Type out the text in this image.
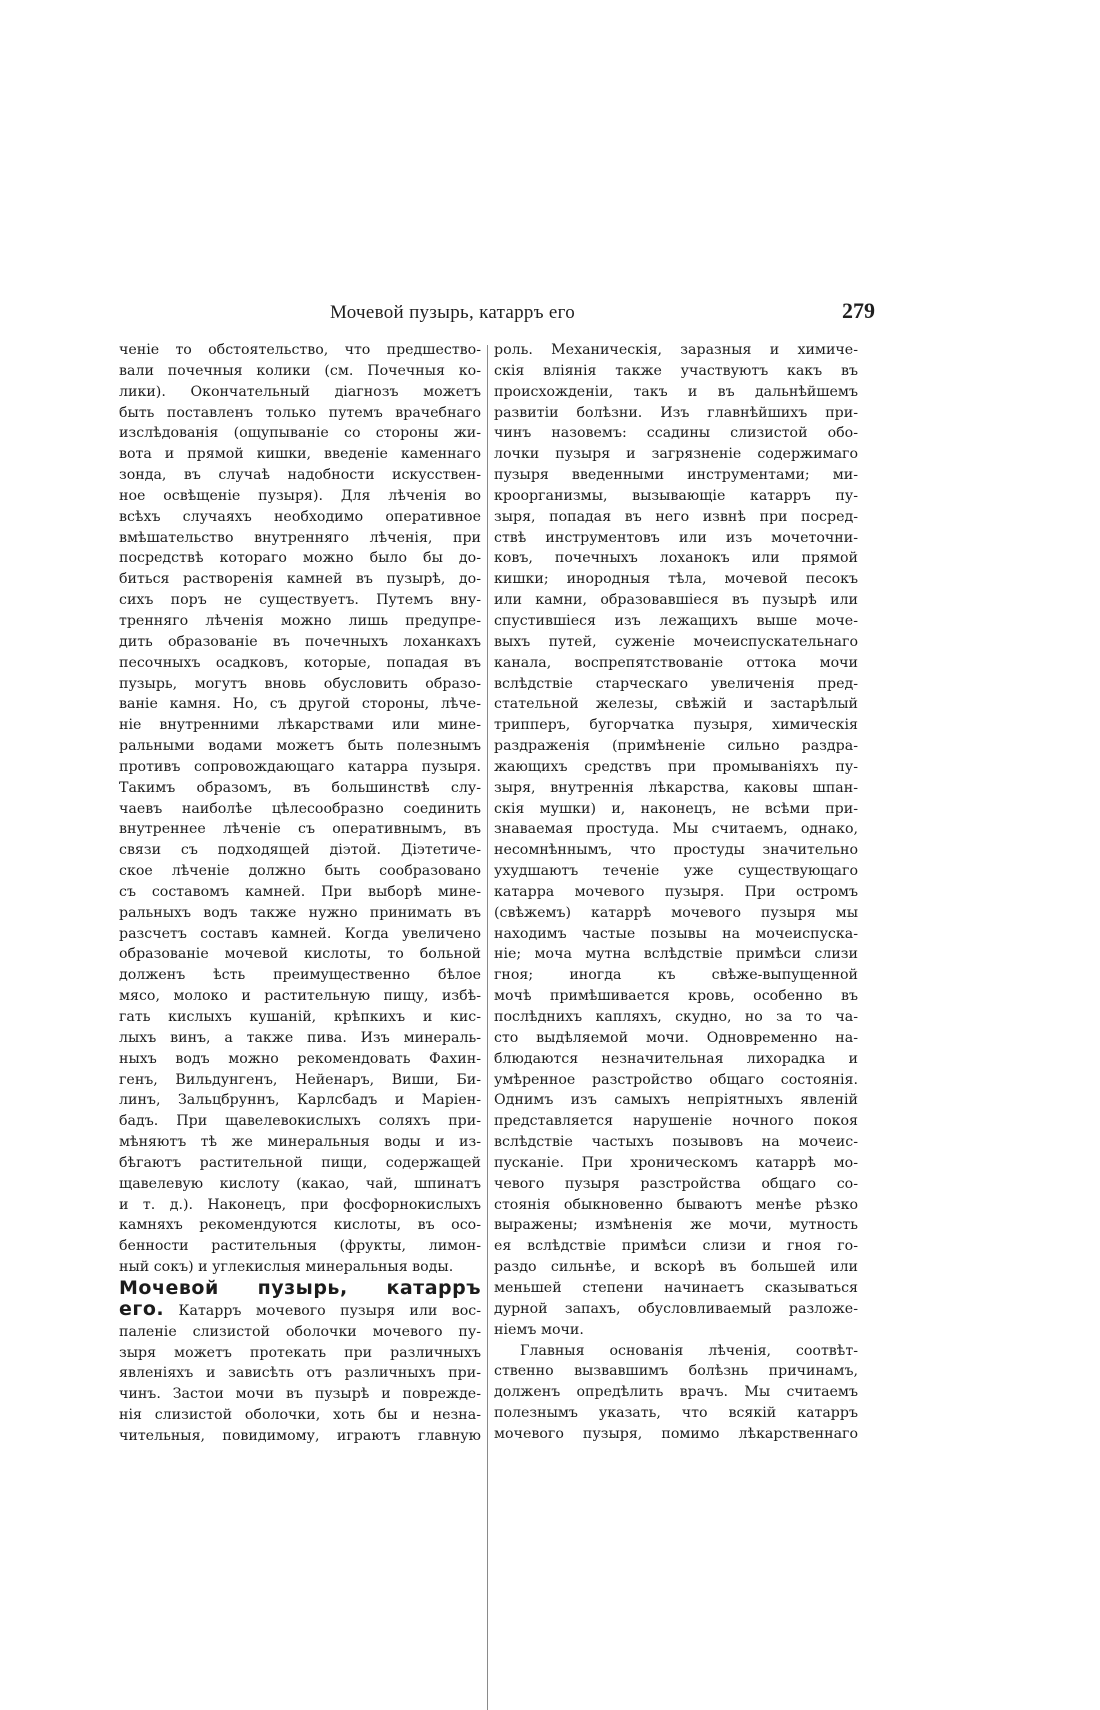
Мочевой пузырь, катарръ его	279
ченіе то обстоятельство, что предшество-
вали почечныя колики (см. Почечныя ко-
лики). Окончательный діагнозъ можетъ
быть поставленъ только путемъ врачебнаго
изслѣдованія (ощупываніе со стороны жи-
вота и прямой кишки, введеніе каменнаго
зонда, въ случаѣ надобности искусствен-
ное освѣщеніе пузыря). Для лѣченія во
всѣхъ случаяхъ необходимо оперативное
вмѣшательство внутренняго лѣченія, при
посредствѣ котораго можно было бы до-
биться растворенія камней въ пузырѣ, до-
сихъ поръ не существуетъ. Путемъ вну-
тренняго лѣченія можно лишь предупре-
дить образованіе въ почечныхъ лоханкахъ
песочныхъ осадковъ, которые, попадая въ
пузырь, могутъ вновь обусловить образо-
ваніе камня. Но, съ другой стороны, лѣче-
ніе внутренними лѣкарствами или мине-
ральными водами можетъ быть полезнымъ
противъ сопровождающаго катарра пузыря.
Такимъ образомъ, въ большинствѣ слу-
чаевъ наиболѣе цѣлесообразно соединить
внутреннее лѣченіе съ оперативнымъ, въ
связи съ подходящей діэтой. Діэтетиче-
ское лѣченіе должно быть сообразовано
съ составомъ камней. При выборѣ мине-
ральныхъ водъ также нужно принимать въ
разсчетъ составъ камней. Когда увеличено
образованіе мочевой кислоты, то больной
долженъ ѣсть преимущественно бѣлое
мясо, молоко и растительную пищу, избѣ-
гать кислыхъ кушаній, крѣпкихъ и кис-
лыхъ винъ, а также пива. Изъ минераль-
ныхъ водъ можно рекомендовать Фахин-
генъ, Вильдунгенъ, Нейенаръ, Виши, Би-
линъ, Зальцбруннъ, Карлсбадъ и Маріен-
бадъ. При щавелевокислыхъ соляхъ при-
мѣняютъ тѣ же минеральныя воды и из-
бѣгаютъ растительной пищи, содержащей
щавелевую кислоту (какао, чай, шпинатъ
и т. д.). Наконецъ, при фосфорнокислыхъ
камняхъ рекомендуются кислоты, въ осо-
бенности растительныя (фрукты, лимон-
ный сокъ) и углекислыя минеральныя воды.
Мочевой пузырь, катарръ
его. Катарръ мочевого пузыря или вос-
паленіе слизистой оболочки мочевого пу-
зыря можетъ протекать при различныхъ
явленіяхъ и зависѣть отъ различныхъ при-
чинъ. Застои мочи въ пузырѣ и поврежде-
нія слизистой оболочки, хоть бы и незна-
чительныя, повидимому, играютъ главную
роль. Механическія, заразныя и химиче-
скія вліянія также участвуютъ какъ въ
происхожденіи, такъ и въ дальнѣйшемъ
развитіи болѣзни. Изъ главнѣйшихъ при-
чинъ назовемъ: ссадины слизистой обо-
лочки пузыря и загрязненіе содержимаго
пузыря введенными инструментами; ми-
кроорганизмы, вызывающіе катарръ пу-
зыря, попадая въ него извнѣ при посред-
ствѣ инструментовъ или изъ мочеточни-
ковъ, почечныхъ лоханокъ или прямой
кишки; инородныя тѣла, мочевой песокъ
или камни, образовавшіеся въ пузырѣ или
спустившіеся изъ лежащихъ выше моче-
выхъ путей, суженіе мочеиспускательнаго
канала, воспрепятствованіе оттока мочи
вслѣдствіе старческаго увеличенія пред-
стательной железы, свѣжій и застарѣлый
трипперъ, бугорчатка пузыря, химическія
раздраженія (примѣненіе сильно раздра-
жающихъ средствъ при промываніяхъ пу-
зыря, внутреннія лѣкарства, каковы шпан-
скія мушки) и, наконецъ, не всѣми при-
знаваемая простуда. Мы считаемъ, однако,
несомнѣннымъ, что простуды значительно
ухудшаютъ теченіе уже существующаго
катарра мочевого пузыря. При остромъ
(свѣжемъ) катаррѣ мочевого пузыря мы
находимъ частые позывы на мочеиспуска-
ніе; моча мутна вслѣдствіе примѣси слизи
гноя; иногда къ свѣже-выпущенной
мочѣ примѣшивается кровь, особенно въ
послѣднихъ капляхъ, скудно, но за то ча-
сто выдѣляемой мочи. Одновременно на-
блюдаются незначительная лихорадка и
умѣренное разстройство общаго состоянія.
Однимъ изъ самыхъ непріятныхъ явленій
представляется нарушеніе ночного покоя
вслѣдствіе частыхъ позывовъ на мочеис-
пусканіе. При хроническомъ катаррѣ мо-
чевого пузыря разстройства общаго со-
стоянія обыкновенно бываютъ менѣе рѣзко
выражены; измѣненія же мочи, мутность
ея вслѣдствіе примѣси слизи и гноя го-
раздо сильнѣе, и вскорѣ въ большей или
меньшей степени начинаетъ сказываться
дурной запахъ, обусловливаемый разложе-
ніемъ мочи.
Главныя основанія лѣченія, соотвѣт-
ственно вызвавшимъ болѣзнь причинамъ,
долженъ опредѣлить врачъ. Мы считаемъ
полезнымъ указать, что всякій катарръ
мочевого пузыря, помимо лѣкарственнаго
